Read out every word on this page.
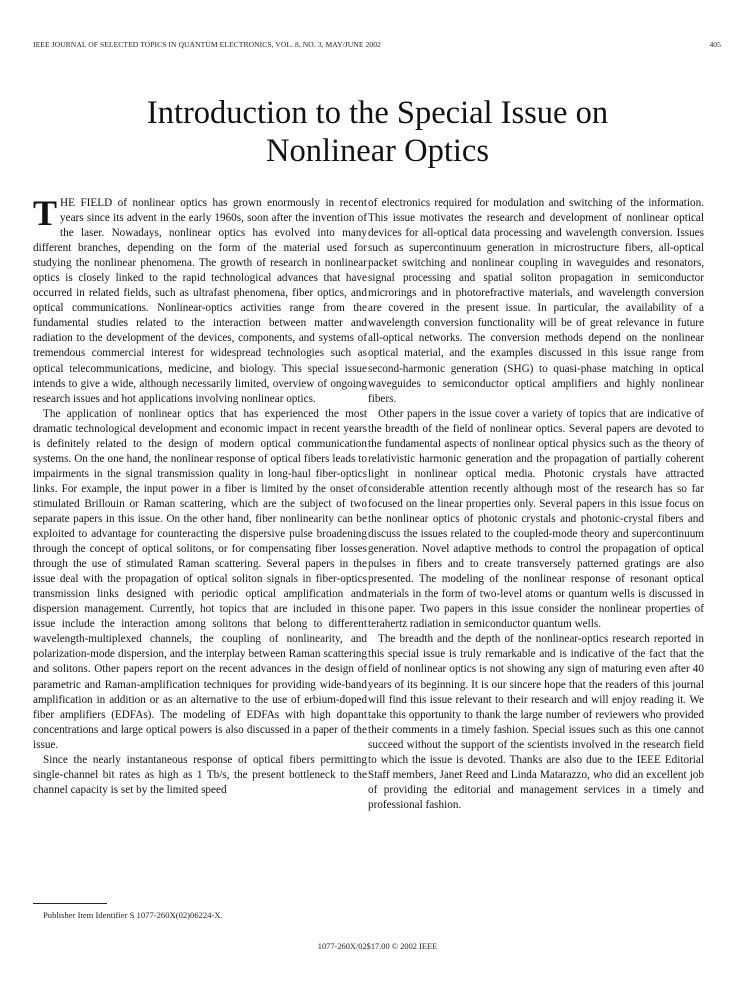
IEEE JOURNAL OF SELECTED TOPICS IN QUANTUM ELECTRONICS, VOL. 8, NO. 3, MAY/JUNE 2002	405
Introduction to the Special Issue on
Nonlinear Optics

THE FIELD of nonlinear optics has grown enormously in recent years since its advent in the early 1960s, soon after the invention of the laser. Nowadays, nonlinear optics has evolved into many different branches, depending on the form of the material used for studying the nonlinear phenomena. The growth of research in nonlinear optics is closely linked to the rapid technological advances that have occurred in related fields, such as ultrafast phenomena, fiber optics, and optical communications. Nonlinear-optics activities range from the fundamental studies related to the interaction between matter and radiation to the development of the devices, components, and systems of tremendous commercial interest for widespread technologies such as optical telecommunications, medicine, and biology. This special issue intends to give a wide, although necessarily limited, overview of ongoing research issues and hot applications involving nonlinear optics.

The application of nonlinear optics that has experienced the most dramatic technological development and economic impact in recent years is definitely related to the design of modern optical communication systems. On the one hand, the nonlinear response of optical fibers leads to impairments in the signal transmission quality in long-haul fiber-optics links. For example, the input power in a fiber is limited by the onset of stimulated Brillouin or Raman scattering, which are the subject of two separate papers in this issue. On the other hand, fiber nonlinearity can be exploited to advantage for counteracting the dispersive pulse broadening through the concept of optical solitons, or for compensating fiber losses through the use of stimulated Raman scattering. Several papers in the issue deal with the propagation of optical soliton signals in fiber-optics transmission links designed with periodic optical amplification and dispersion management. Currently, hot topics that are included in this issue include the interaction among solitons that belong to different wavelength-multiplexed channels, the coupling of nonlinearity, and polarization-mode dispersion, and the interplay between Raman scattering and solitons. Other papers report on the recent advances in the design of parametric and Raman-amplification techniques for providing wide-band amplification in addition or as an alternative to the use of erbium-doped fiber amplifiers (EDFAs). The modeling of EDFAs with high dopant concentrations and large optical powers is also discussed in a paper of the issue.

Since the nearly instantaneous response of optical fibers permitting single-channel bit rates as high as 1 Tb/s, the present bottleneck to the channel capacity is set by the limited speed

of electronics required for modulation and switching of the information. This issue motivates the research and development of nonlinear optical devices for all-optical data processing and wavelength conversion. Issues such as supercontinuum generation in microstructure fibers, all-optical packet switching and nonlinear coupling in waveguides and resonators, signal processing and spatial soliton propagation in semiconductor microrings and in photorefractive materials, and wavelength conversion are covered in the present issue. In particular, the availability of a wavelength conversion functionality will be of great relevance in future all-optical networks. The conversion methods depend on the nonlinear optical material, and the examples discussed in this issue range from second-harmonic generation (SHG) to quasi-phase matching in optical waveguides to semiconductor optical amplifiers and highly nonlinear fibers.

Other papers in the issue cover a variety of topics that are indicative of the breadth of the field of nonlinear optics. Several papers are devoted to the fundamental aspects of nonlinear optical physics such as the theory of relativistic harmonic generation and the propagation of partially coherent light in nonlinear optical media. Photonic crystals have attracted considerable attention recently although most of the research has so far focused on the linear properties only. Several papers in this issue focus on the nonlinear optics of photonic crystals and photonic-crystal fibers and discuss the issues related to the coupled-mode theory and supercontinuum generation. Novel adaptive methods to control the propagation of optical pulses in fibers and to create transversely patterned gratings are also presented. The modeling of the nonlinear response of resonant optical materials in the form of two-level atoms or quantum wells is discussed in one paper. Two papers in this issue consider the nonlinear properties of terahertz radiation in semiconductor quantum wells.

The breadth and the depth of the nonlinear-optics research reported in this special issue is truly remarkable and is indicative of the fact that the field of nonlinear optics is not showing any sign of maturing even after 40 years of its beginning. It is our sincere hope that the readers of this journal will find this issue relevant to their research and will enjoy reading it. We take this opportunity to thank the large number of reviewers who provided their comments in a timely fashion. Special issues such as this one cannot succeed without the support of the scientists involved in the research field to which the issue is devoted. Thanks are also due to the IEEE Editorial Staff members, Janet Reed and Linda Matarazzo, who did an excellent job of providing the editorial and management services in a timely and professional fashion.

Publisher Item Identifier S 1077-260X(02)06224-X.
1077-260X/02$17.00 © 2002 IEEE
